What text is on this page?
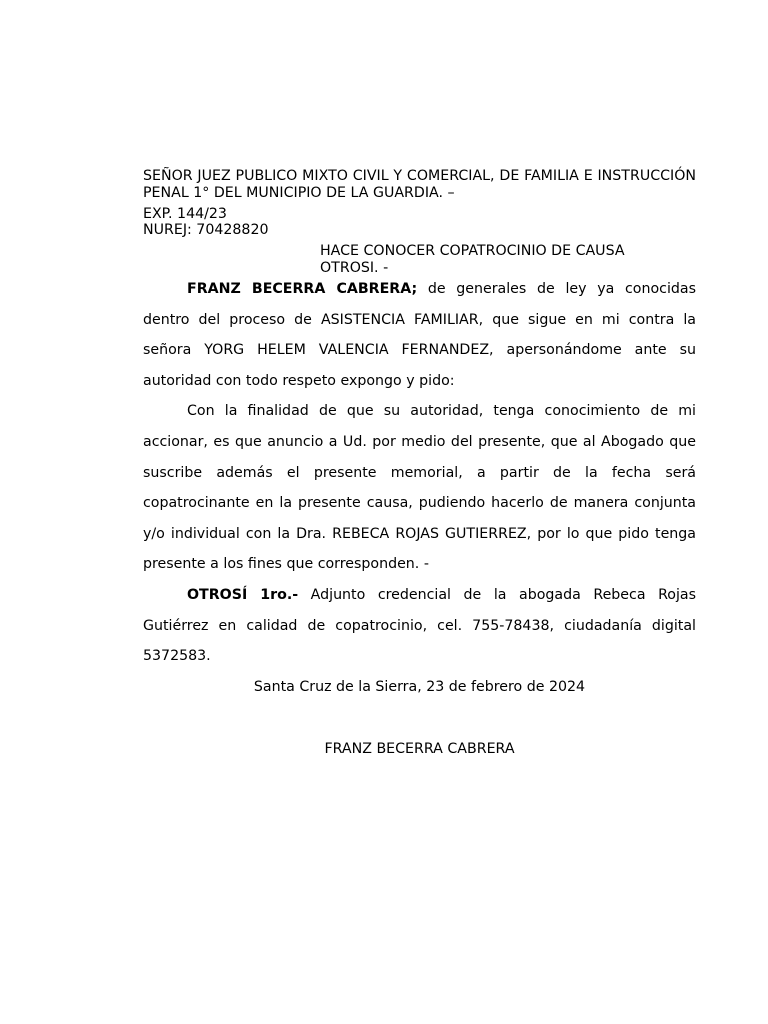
SEÑOR JUEZ PUBLICO MIXTO CIVIL Y COMERCIAL, DE FAMILIA E INSTRUCCIÓN PENAL 1° DEL MUNICIPIO DE LA GUARDIA. –
EXP. 144/23
NUREJ: 70428820
HACE CONOCER COPATROCINIO DE CAUSA
OTROSI. -

FRANZ BECERRA CABRERA; de generales de ley ya conocidas dentro del proceso de ASISTENCIA FAMILIAR, que sigue en mi contra la señora YORG HELEM VALENCIA FERNANDEZ, apersonándome ante su autoridad con todo respeto expongo y pido:

Con la finalidad de que su autoridad, tenga conocimiento de mi accionar, es que anuncio a Ud. por medio del presente, que al Abogado que suscribe además el presente memorial, a partir de la fecha será copatrocinante en la presente causa, pudiendo hacerlo de manera conjunta y/o individual con la Dra. REBECA ROJAS GUTIERREZ, por lo que pido tenga presente a los fines que corresponden. -

OTROSÍ 1ro.- Adjunto credencial de la abogada Rebeca Rojas Gutiérrez en calidad de copatrocinio, cel. 755-78438, ciudadanía digital 5372583.

Santa Cruz de la Sierra, 23 de febrero de 2024
FRANZ BECERRA CABRERA
